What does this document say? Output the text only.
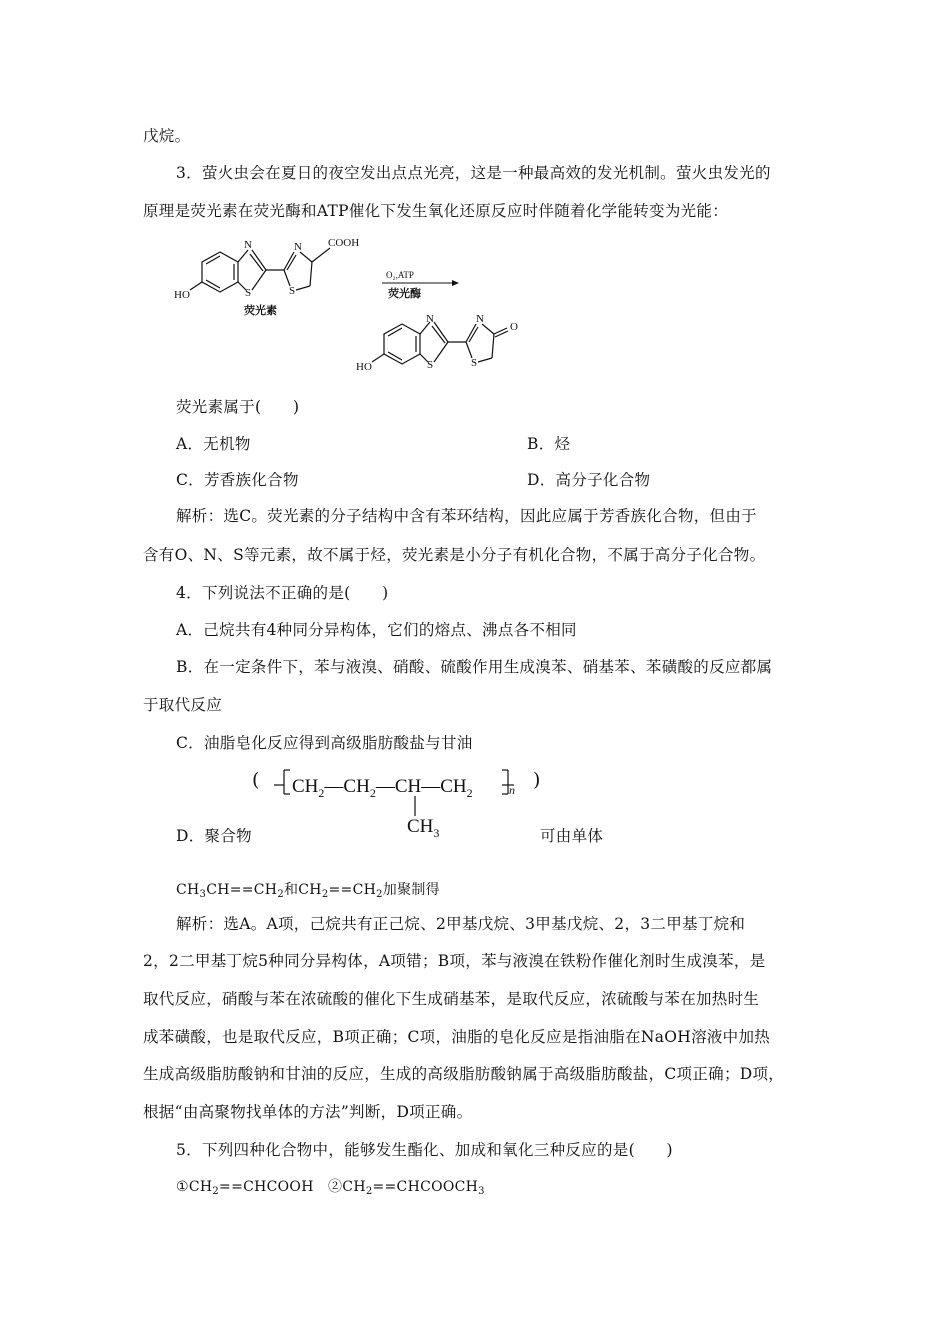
戊烷。
3．萤火虫会在夏日的夜空发出点点光亮，这是一种最高效的发光机制。萤火虫发光的
原理是荧光素在荧光酶和ATP催化下发生氧化还原反应时伴随着化学能转变为光能：
N
S
N
S
COOH
HO
荧光素
O₂,ATP
荧光酶
N
S
N
S
O
HO
荧光素属于(　　)
A．无机物	B．烃
C．芳香族化合物	D．高分子化合物
解析：选C。荧光素的分子结构中含有苯环结构，因此应属于芳香族化合物，但由于
含有O、N、S等元素，故不属于烃，荧光素是小分子有机化合物，不属于高分子化合物。
4．下列说法不正确的是(　　)
A．己烷共有4种同分异构体，它们的熔点、沸点各不相同
B．在一定条件下，苯与液溴、硝酸、硫酸作用生成溴苯、硝基苯、苯磺酸的反应都属
于取代反应
C．油脂皂化反应得到高级脂肪酸盐与甘油
( $CH_2—CH_2—CH—CH_2$	n
$CH_3$
)
D．聚合物	可由单体
$CH_3CH==CH_2$和$CH_2==CH_2$加聚制得
解析：选A。A项，己烷共有正己烷、2甲基戊烷、3甲基戊烷、2，3二甲基丁烷和
2，2二甲基丁烷5种同分异构体，A项错；B项，苯与液溴在铁粉作催化剂时生成溴苯，是
取代反应，硝酸与苯在浓硫酸的催化下生成硝基苯，是取代反应，浓硫酸与苯在加热时生
成苯磺酸，也是取代反应，B项正确；C项，油脂的皂化反应是指油脂在NaOH溶液中加热
生成高级脂肪酸钠和甘油的反应，生成的高级脂肪酸钠属于高级脂肪酸盐，C项正确；D项，
根据“由高聚物找单体的方法”判断，D项正确。
5．下列四种化合物中，能够发生酯化、加成和氧化三种反应的是(　　)
$①CH_2==CHCOOH$　$②CH_2==CHCOOCH_3$
